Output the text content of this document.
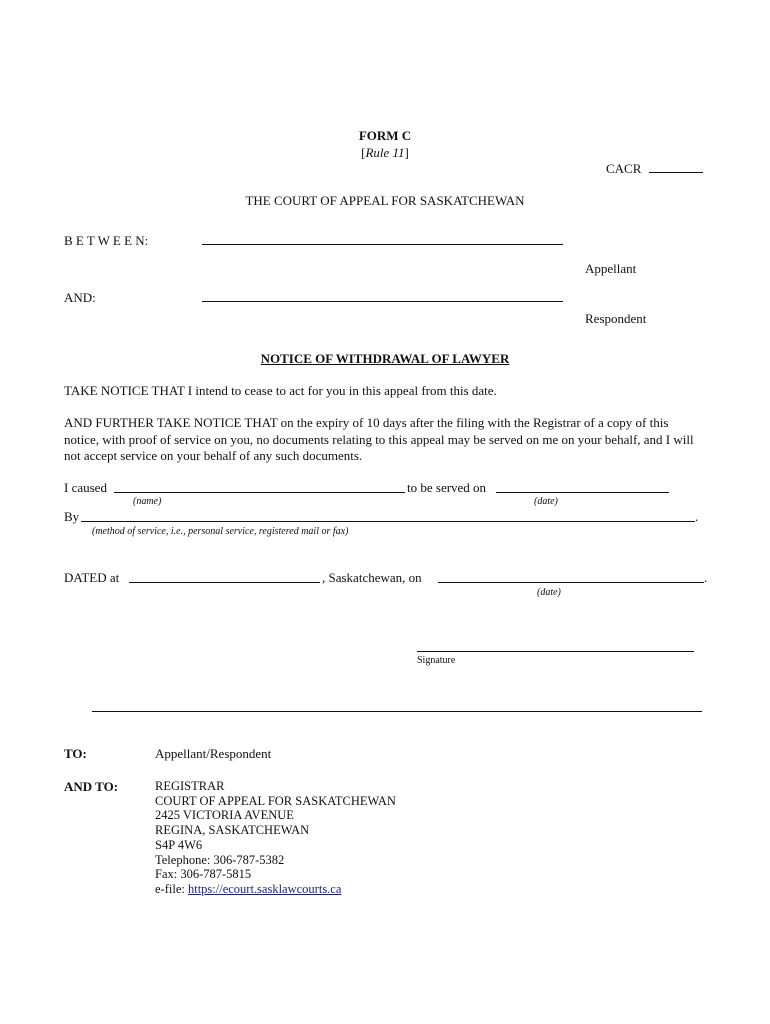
FORM C
[Rule 11]
CACR
THE COURT OF APPEAL FOR SASKATCHEWAN
B E T W E E N:
Appellant
AND:
Respondent
NOTICE OF WITHDRAWAL OF LAWYER
TAKE NOTICE THAT I intend to cease to act for you in this appeal from this date.
AND FURTHER TAKE NOTICE THAT on the expiry of 10 days after the filing with the Registrar of a copy of this notice, with proof of service on you, no documents relating to this appeal may be served on me on your behalf, and I will not accept service on your behalf of any such documents.
I caused	to be served on
(name)	(date)
By	.
(method of service, i.e., personal service, registered mail or fax)
DATED at	, Saskatchewan, on	.
(date)
Signature
TO:	Appellant/Respondent
AND TO:	REGISTRAR
COURT OF APPEAL FOR SASKATCHEWAN
2425 VICTORIA AVENUE
REGINA, SASKATCHEWAN
S4P 4W6
Telephone: 306-787-5382
Fax: 306-787-5815
e-file: https://ecourt.sasklawcourts.ca
